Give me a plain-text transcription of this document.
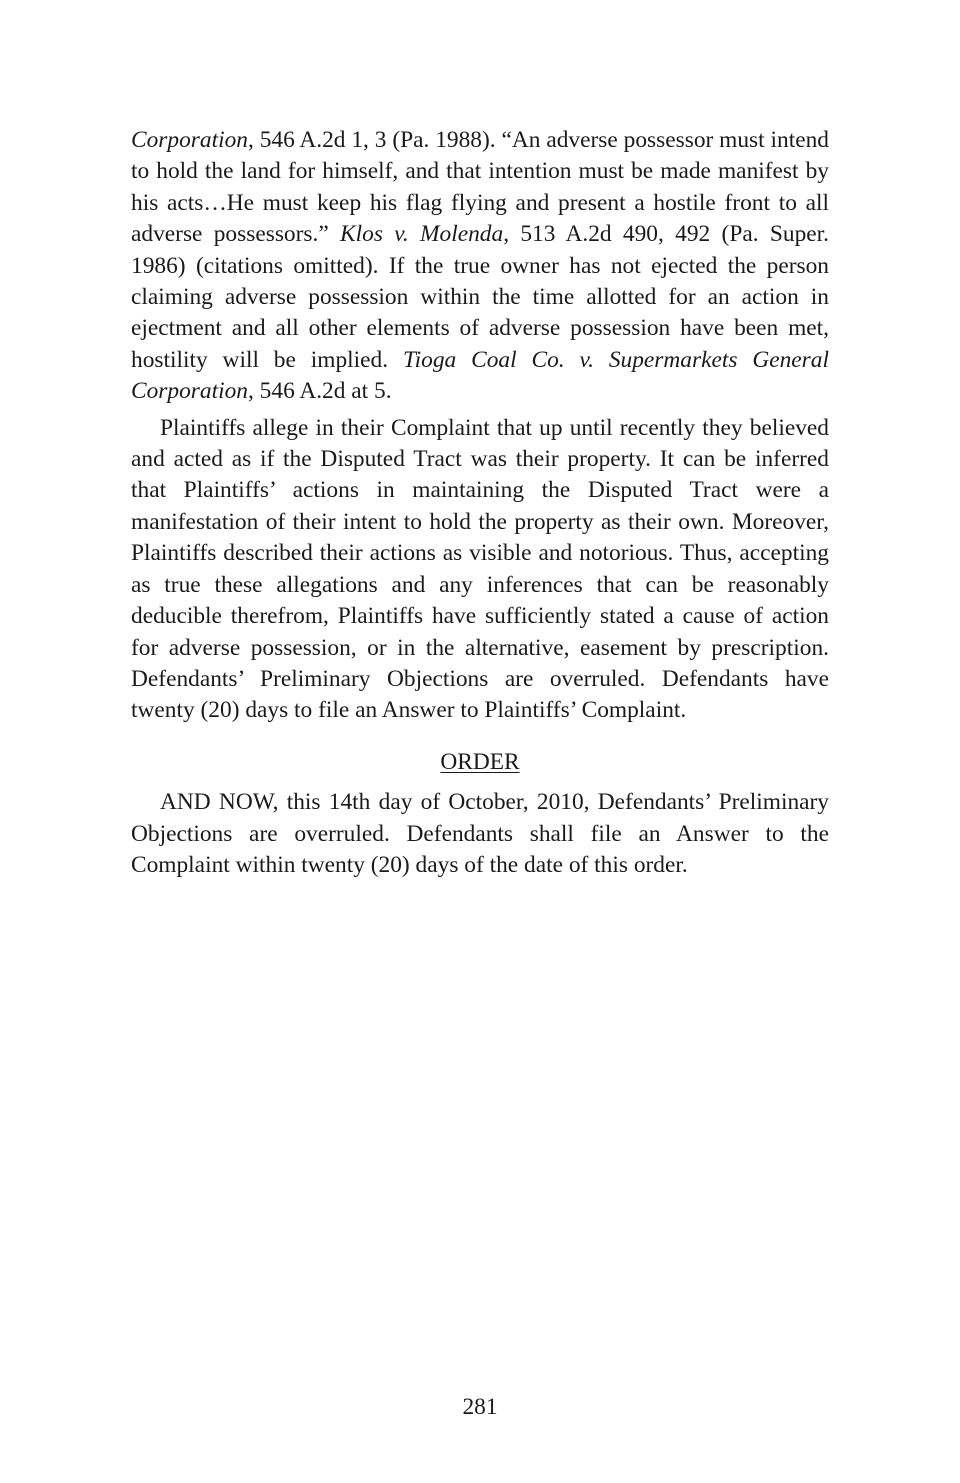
Corporation, 546 A.2d 1, 3 (Pa. 1988). “An adverse possessor must intend to hold the land for himself, and that intention must be made manifest by his acts…He must keep his flag flying and present a hostile front to all adverse possessors.” Klos v. Molenda, 513 A.2d 490, 492 (Pa. Super. 1986) (citations omitted). If the true owner has not ejected the person claiming adverse possession within the time allotted for an action in ejectment and all other elements of adverse possession have been met, hostility will be implied. Tioga Coal Co. v. Supermarkets General Corporation, 546 A.2d at 5.

Plaintiffs allege in their Complaint that up until recently they believed and acted as if the Disputed Tract was their property. It can be inferred that Plaintiffs’ actions in maintaining the Disputed Tract were a manifestation of their intent to hold the property as their own. Moreover, Plaintiffs described their actions as visible and notorious. Thus, accepting as true these allegations and any inferences that can be reasonably deducible therefrom, Plaintiffs have sufficiently stated a cause of action for adverse possession, or in the alternative, easement by prescription. Defendants’ Preliminary Objections are overruled. Defendants have twenty (20) days to file an Answer to Plaintiffs’ Complaint.

ORDER

AND NOW, this 14th day of October, 2010, Defendants’ Preliminary Objections are overruled. Defendants shall file an Answer to the Complaint within twenty (20) days of the date of this order.

281
